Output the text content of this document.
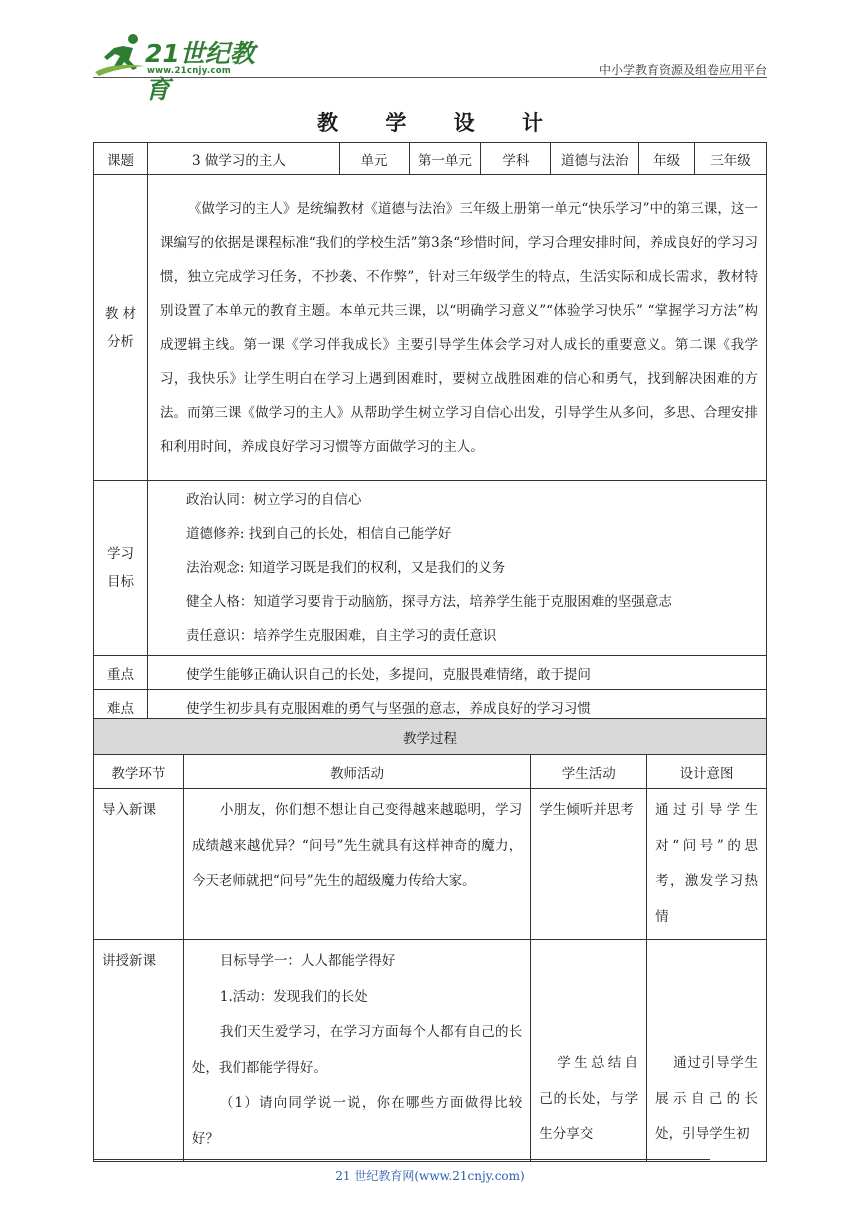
21世纪教育
www.21cnjy.com	中小学教育资源及组卷应用平台
教 学 设 计
课题	3 做学习的主人	单元	第一单元	学科	道德与法治	年级	三年级
教 材 分析	《做学习的主人》是统编教材《道德与法治》三年级上册第一单元“快乐学习”中的第三课，这一课编写的依据是课程标准“我们的学校生活”第3条“珍惜时间，学习合理安排时间，养成良好的学习习惯，独立完成学习任务，不抄袭、不作弊”，针对三年级学生的特点，生活实际和成长需求，教材特别设置了本单元的教育主题。本单元共三课，以“明确学习意义”“体验学习快乐” “掌握学习方法”构成逻辑主线。第一课《学习伴我成长》主要引导学生体会学习对人成长的重要意义。第二课《我学习，我快乐》让学生明白在学习上遇到困难时，要树立战胜困难的信心和勇气，找到解决困难的方法。而第三课《做学习的主人》从帮助学生树立学习自信心出发，引导学生从多问，多思、合理安排和利用时间，养成良好学习习惯等方面做学习的主人。						
学习 目标	政治认同：树立学习的自信心
道德修养: 找到自己的长处，相信自己能学好
法治观念: 知道学习既是我们的权利，又是我们的义务
健全人格：知道学习要肯于动脑筋，探寻方法，培养学生能于克服困难的坚强意志
责任意识：培养学生克服困难，自主学习的责任意识						

重点	使学生能够正确认识自己的长处，多提问，克服畏难情绪，敢于提问						
难点	使学生初步具有克服困难的勇气与坚强的意志，养成良好的学习习惯						
教学过程			
教学环节	教师活动	学生活动	设计意图
导入新课	小朋友，你们想不想让自己变得越来越聪明，学习成绩越来越优异？“问号”先生就具有这样神奇的魔力，今天老师就把“问号”先生的超级魔力传给大家。	学生倾听并思考	通过引导学生对“问号”的思考，激发学习热情
讲授新课	目标导学一：人人都能学得好
1.活动：发现我们的长处
我们天生爱学习，在学习方面每个人都有自己的长处，我们都能学得好。
（1）请向同学说一说，你在哪些方面做得比较好？	学生总结自己的长处，与学生分享交	通过引导学生展示自己的长处，引导学生初
21 世纪教育网(www.21cnjy.com)
